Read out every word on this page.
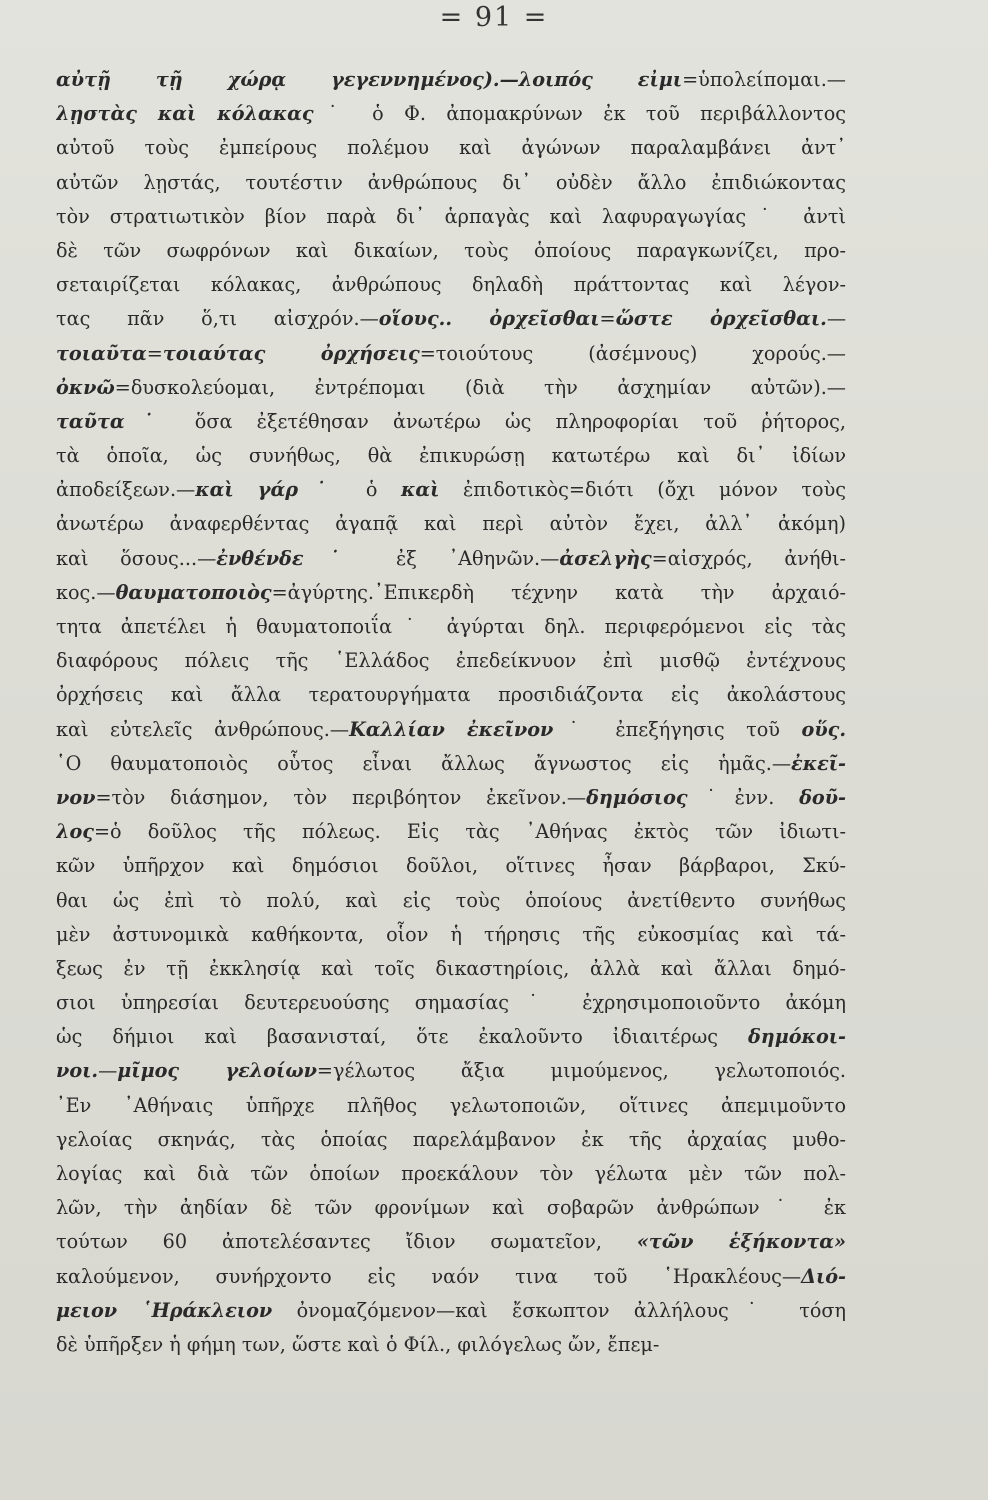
= 91 =
αὐτῇ τῇ χώρᾳ γεγεννημένος).—λοιπός εἰμι=ὑπολείπομαι.—
λῃστὰς καὶ κόλακας˙ ὁ Φ. ἀπομακρύνων ἐκ τοῦ περιβάλλοντος
αὐτοῦ τοὺς ἐμπείρους πολέμου καὶ ἀγώνων παραλαμβάνει ἀντ᾽
αὐτῶν λῃστάς, τουτέστιν ἀνθρώπους δι᾽ οὐδὲν ἄλλο ἐπιδιώκοντας
τὸν στρατιωτικὸν βίον παρὰ δι᾽ ἁρπαγὰς καὶ λαφυραγωγίας˙ ἀντὶ
δὲ τῶν σωφρόνων καὶ δικαίων, τοὺς ὁποίους παραγκωνίζει, προ-
σεταιρίζεται κόλακας, ἀνθρώπους δηλαδὴ πράττοντας καὶ λέγον-
τας πᾶν ὅ,τι αἰσχρόν.—οἵους.. ὀρχεῖσθαι=ὥστε ὀρχεῖσθαι.—
τοιαῦτα=τοιαύτας ὀρχήσεις=τοιούτους (ἀσέμνους) χορούς.—
ὀκνῶ=δυσκολεύομαι, ἐντρέπομαι (διὰ τὴν ἀσχημίαν αὐτῶν).—
ταῦτα˙ ὅσα ἐξετέθησαν ἀνωτέρω ὡς πληροφορίαι τοῦ ῥήτορος,
τὰ ὁποῖα, ὡς συνήθως, θὰ ἐπικυρώσῃ κατωτέρω καὶ δι᾽ ἰδίων
ἀποδείξεων.—καὶ γάρ˙ ὁ καὶ ἐπιδοτικὸς=διότι (ὄχι μόνον τοὺς
ἀνωτέρω ἀναφερθέντας ἀγαπᾷ καὶ περὶ αὐτὸν ἔχει, ἀλλ᾽ ἀκόμη)
καὶ ὅσους...—ἐνθένδε˙ ἐξ ᾽Αθηνῶν.—ἀσελγὴς=αἰσχρός, ἀνήθι-
κος.—θαυματοποιὸς=ἀγύρτης.᾽Επικερδὴ τέχνην κατὰ τὴν ἀρχαιό-
τητα ἀπετέλει ἡ θαυματοποιΐα˙ ἀγύρται δηλ. περιφερόμενοι εἰς τὰς
διαφόρους πόλεις τῆς ῾Ελλάδος ἐπεδείκνυον ἐπὶ μισθῷ ἐντέχνους
ὀρχήσεις καὶ ἄλλα τερατουργήματα προσιδιάζοντα εἰς ἀκολάστους
καὶ εὐτελεῖς ἀνθρώπους.—Καλλίαν ἐκεῖνον˙ ἐπεξήγησις τοῦ οὕς.
῾Ο θαυματοποιὸς οὗτος εἶναι ἄλλως ἄγνωστος εἰς ἡμᾶς.—ἐκεῖ-
νον=τὸν διάσημον, τὸν περιβόητον ἐκεῖνον.—δημόσιος˙ἐνν. δοῦ-
λος=ὁ δοῦλος τῆς πόλεως. Εἰς τὰς ᾽Αθήνας ἐκτὸς τῶν ἰδιωτι-
κῶν ὑπῆρχον καὶ δημόσιοι δοῦλοι, οἵτινες ἦσαν βάρβαροι, Σκύ-
θαι ὡς ἐπὶ τὸ πολύ, καὶ εἰς τοὺς ὁποίους ἀνετίθεντο συνήθως
μὲν ἀστυνομικὰ καθήκοντα, οἷον ἡ τήρησις τῆς εὐκοσμίας καὶ τά-
ξεως ἐν τῇ ἐκκλησίᾳ καὶ τοῖς δικαστηρίοις, ἀλλὰ καὶ ἄλλαι δημό-
σιοι ὑπηρεσίαι δευτερευούσης σημασίας˙ ἐχρησιμοποιοῦντο ἀκόμη
ὡς δήμιοι καὶ βασανισταί, ὅτε ἐκαλοῦντο ἰδιαιτέρως δημόκοι-
νοι.—μῖμος γελοίων=γέλωτος ἄξια μιμούμενος, γελωτοποιός.
᾽Εν ᾽Αθήναις ὑπῆρχε πλῆθος γελωτοποιῶν, οἵτινες ἀπεμιμοῦντο
γελοίας σκηνάς, τὰς ὁποίας παρελάμβανον ἐκ τῆς ἀρχαίας μυθο-
λογίας καὶ διὰ τῶν ὁποίων προεκάλουν τὸν γέλωτα μὲν τῶν πολ-
λῶν, τὴν ἀηδίαν δὲ τῶν φρονίμων καὶ σοβαρῶν ἀνθρώπων˙ ἐκ
τούτων 60 ἀποτελέσαντες ἴδιον σωματεῖον, «τῶν ἑξήκοντα»
καλούμενον, συνήρχοντο εἰς ναόν τινα τοῦ ῾Ηρακλέους—Διό-
μειον ῾Ηράκλειον ὀνομαζόμενον—καὶ ἔσκωπτον ἀλλήλους˙ τόση
δὲ ὑπῆρξεν ἡ φήμη των, ὥστε καὶ ὁ Φίλ., φιλόγελως ὤν, ἔπεμ-
